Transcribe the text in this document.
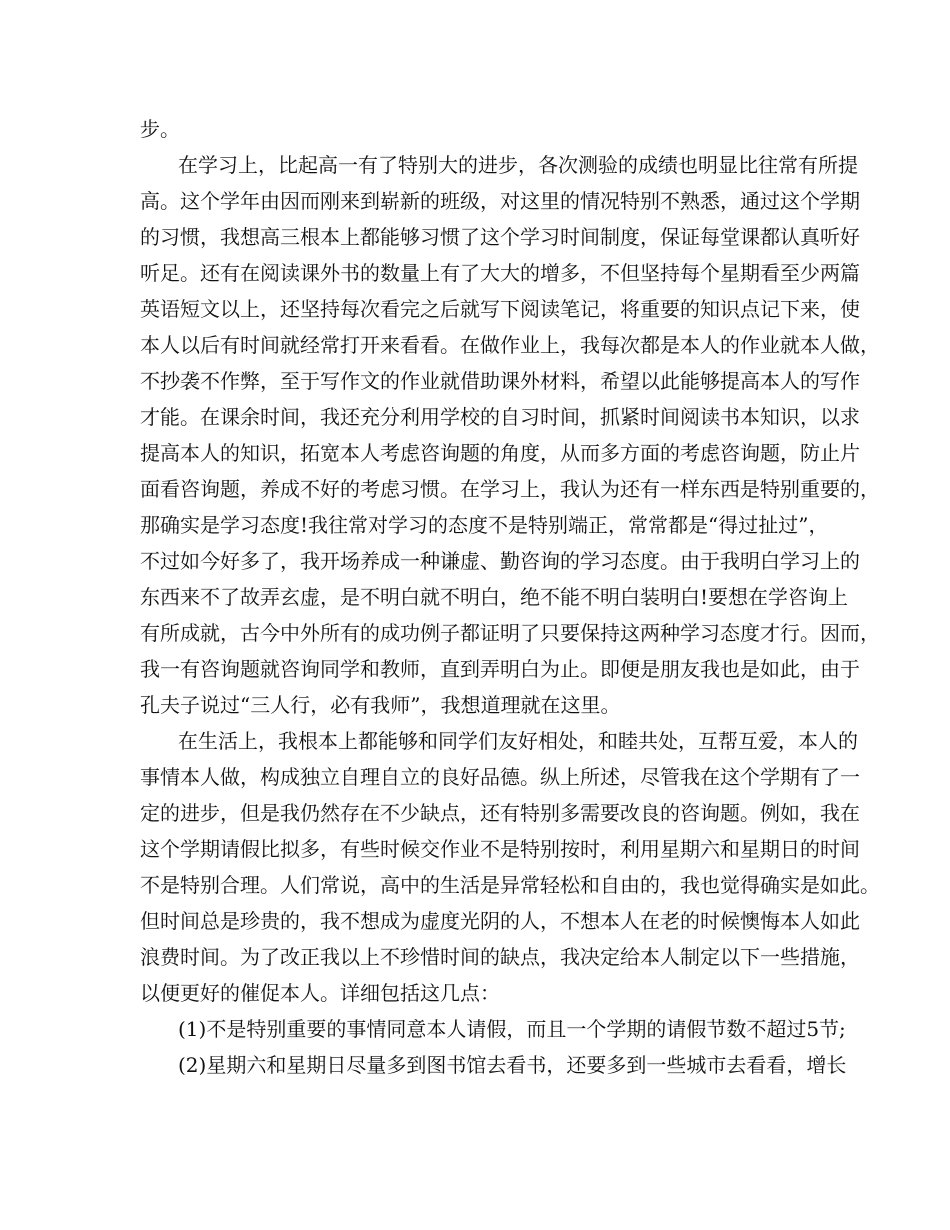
步。
在学习上，比起高一有了特别大的进步，各次测验的成绩也明显比往常有所提
高。这个学年由因而刚来到崭新的班级，对这里的情况特别不熟悉，通过这个学期
的习惯，我想高三根本上都能够习惯了这个学习时间制度，保证每堂课都认真听好
听足。还有在阅读课外书的数量上有了大大的增多，不但坚持每个星期看至少两篇
英语短文以上，还坚持每次看完之后就写下阅读笔记，将重要的知识点记下来，使
本人以后有时间就经常打开来看看。在做作业上，我每次都是本人的作业就本人做，
不抄袭不作弊，至于写作文的作业就借助课外材料，希望以此能够提高本人的写作
才能。在课余时间，我还充分利用学校的自习时间，抓紧时间阅读书本知识，以求
提高本人的知识，拓宽本人考虑咨询题的角度，从而多方面的考虑咨询题，防止片
面看咨询题，养成不好的考虑习惯。在学习上，我认为还有一样东西是特别重要的，
那确实是学习态度!我往常对学习的态度不是特别端正，常常都是“得过扯过”，
不过如今好多了，我开场养成一种谦虚、勤咨询的学习态度。由于我明白学习上的
东西来不了故弄玄虚，是不明白就不明白，绝不能不明白装明白!要想在学咨询上
有所成就，古今中外所有的成功例子都证明了只要保持这两种学习态度才行。因而，
我一有咨询题就咨询同学和教师，直到弄明白为止。即便是朋友我也是如此，由于
孔夫子说过“三人行，必有我师”，我想道理就在这里。
在生活上，我根本上都能够和同学们友好相处，和睦共处，互帮互爱，本人的
事情本人做，构成独立自理自立的良好品德。纵上所述，尽管我在这个学期有了一
定的进步，但是我仍然存在不少缺点，还有特别多需要改良的咨询题。例如，我在
这个学期请假比拟多，有些时候交作业不是特别按时，利用星期六和星期日的时间
不是特别合理。人们常说，高中的生活是异常轻松和自由的，我也觉得确实是如此。
但时间总是珍贵的，我不想成为虚度光阴的人，不想本人在老的时候懊悔本人如此
浪费时间。为了改正我以上不珍惜时间的缺点，我决定给本人制定以下一些措施，
以便更好的催促本人。详细包括这几点：
(1)不是特别重要的事情同意本人请假，而且一个学期的请假节数不超过5节;
(2)星期六和星期日尽量多到图书馆去看书，还要多到一些城市去看看，增长
